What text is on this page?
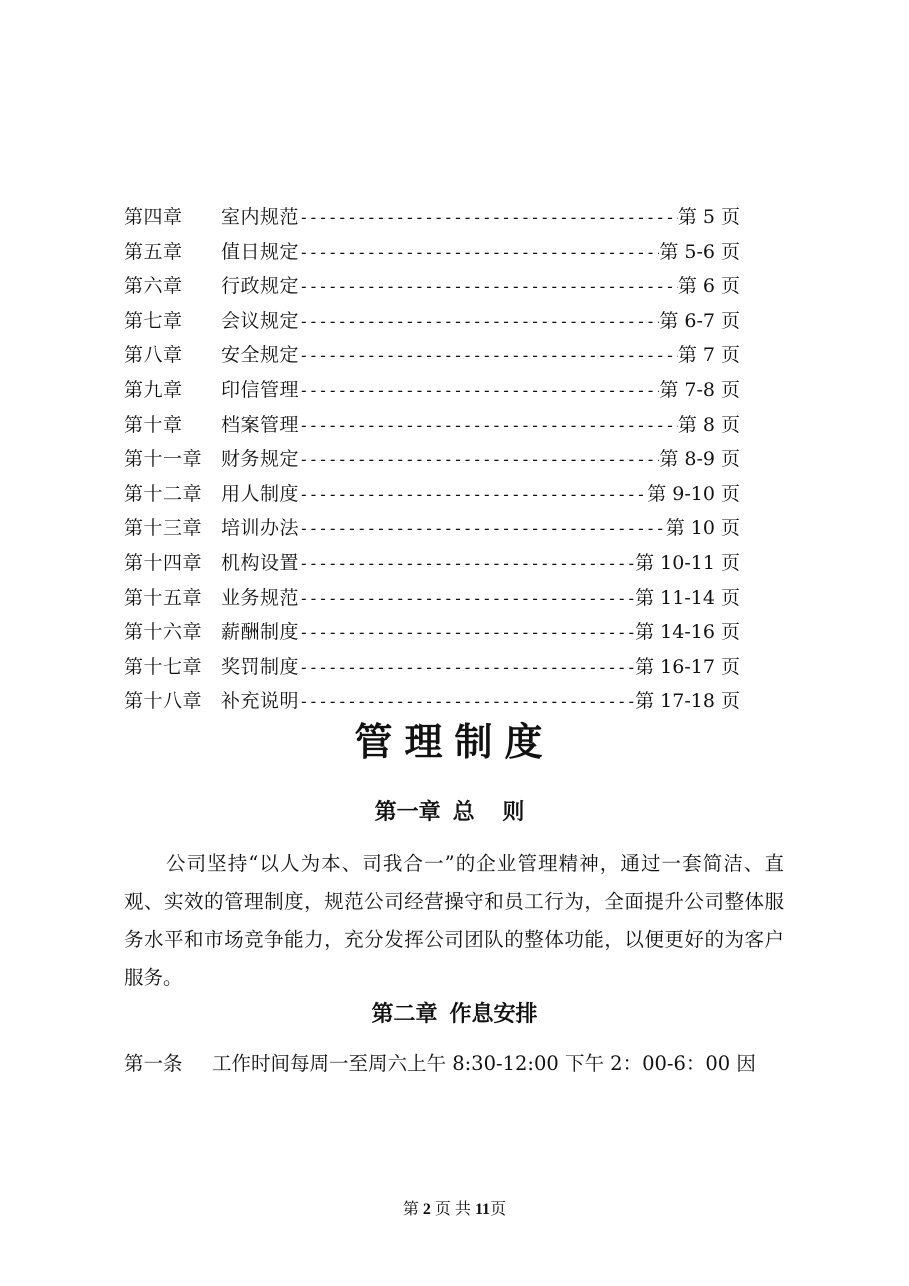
第四章	室内规范 -----	第 5 页
第五章	值日规定 -----	第 5-6 页
第六章	行政规定 -----	第 6 页
第七章	会议规定 -----	第 6-7 页
第八章	安全规定 -----	第 7 页
第九章	印信管理 -----	第 7-8 页
第十章	档案管理 -----	第 8 页
第十一章 财务规定 -----	第 8-9 页
第十二章 用人制度 -----	第 9-10 页
第十三章 培训办法 -----	第 10 页
第十四章 机构设置 -----	第 10-11 页
第十五章 业务规范 -----	第 11-14 页
第十六章 薪酬制度 -----	第 14-16 页
第十七章 奖罚制度 -----	第 16-17 页
第十八章 补充说明 -----	第 17-18 页
管理制度
第一章 总 则

公司坚持“以人为本、司我合一”的企业管理精神，通过一套简洁、直观、实效的管理制度，规范公司经营操守和员工行为，全面提升公司整体服务水平和市场竞争能力，充分发挥公司团队的整体功能，以便更好的为客户服务。

第二章 作息安排
第一条 工作时间每周一至周六上午 8:30-12:00 下午 2：00-6：00 因
第 2 页 共 11页
